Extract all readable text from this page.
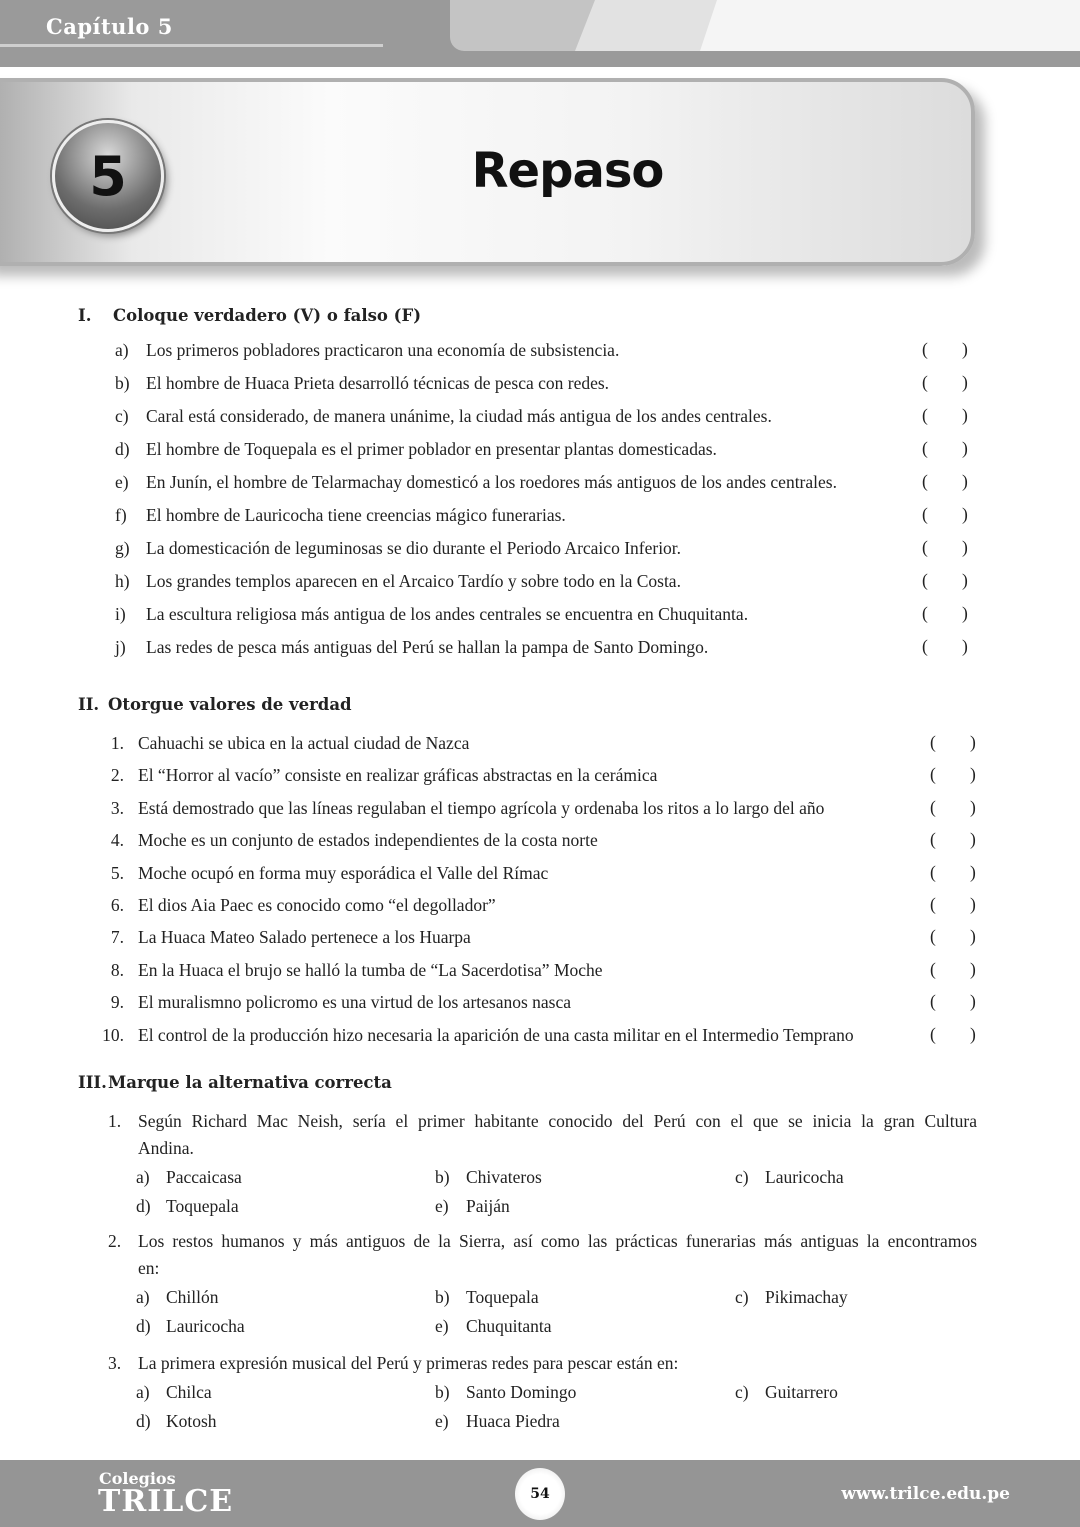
Capítulo 5
5	Repaso
I. Coloque verdadero (V) o falso (F)
a) Los primeros pobladores practicaron una economía de subsistencia.	( )
b) El hombre de Huaca Prieta desarrolló técnicas de pesca con redes.	( )
c) Caral está considerado, de manera unánime, la ciudad más antigua de los andes centrales.	( )
d) El hombre de Toquepala es el primer poblador en presentar plantas domesticadas.	( )
e) En Junín, el hombre de Telarmachay domesticó a los roedores más antiguos de los andes centrales.	( )
f) El hombre de Lauricocha tiene creencias mágico funerarias.	( )
g) La domesticación de leguminosas se dio durante el Periodo Arcaico Inferior.	( )
h) Los grandes templos aparecen en el Arcaico Tardío y sobre todo en la Costa.	( )
i) La escultura religiosa más antigua de los andes centrales se encuentra en Chuquitanta.	( )
j) Las redes de pesca más antiguas del Perú se hallan la pampa de Santo Domingo.	( )
II. Otorgue valores de verdad
1. Cahuachi se ubica en la actual ciudad de Nazca	( )
2. El “Horror al vacío” consiste en realizar gráficas abstractas en la cerámica	( )
3. Está demostrado que las líneas regulaban el tiempo agrícola y ordenaba los ritos a lo largo del año	( )
4. Moche es un conjunto de estados independientes de la costa norte	( )
5. Moche ocupó en forma muy esporádica el Valle del Rímac	( )
6. El dios Aia Paec es conocido como “el degollador”	( )
7. La Huaca Mateo Salado pertenece a los Huarpa	( )
8. En la Huaca el brujo se halló la tumba de “La Sacerdotisa” Moche	( )
9. El muralismno policromo es una virtud de los artesanos nasca	( )
10. El control de la producción hizo necesaria la aparición de una casta militar en el Intermedio Temprano	( )
III. Marque la alternativa correcta
1. Según Richard Mac Neish, sería el primer habitante conocido del Perú con el que se inicia la gran Cultura
Andina.
a) Paccaicasa	b) Chivateros	c) Lauricocha
d) Toquepala	e) Paiján
2. Los restos humanos y más antiguos de la Sierra, así como las prácticas funerarias más antiguas la encontramos
en:
a) Chillón	b) Toquepala	c) Pikimachay
d) Lauricocha	e) Chuquitanta
3. La primera expresión musical del Perú y primeras redes para pescar están en:
a) Chilca	b) Santo Domingo	c) Guitarrero
d) Kotosh	e) Huaca Piedra
Colegios
TRILCE	54	www.trilce.edu.pe
